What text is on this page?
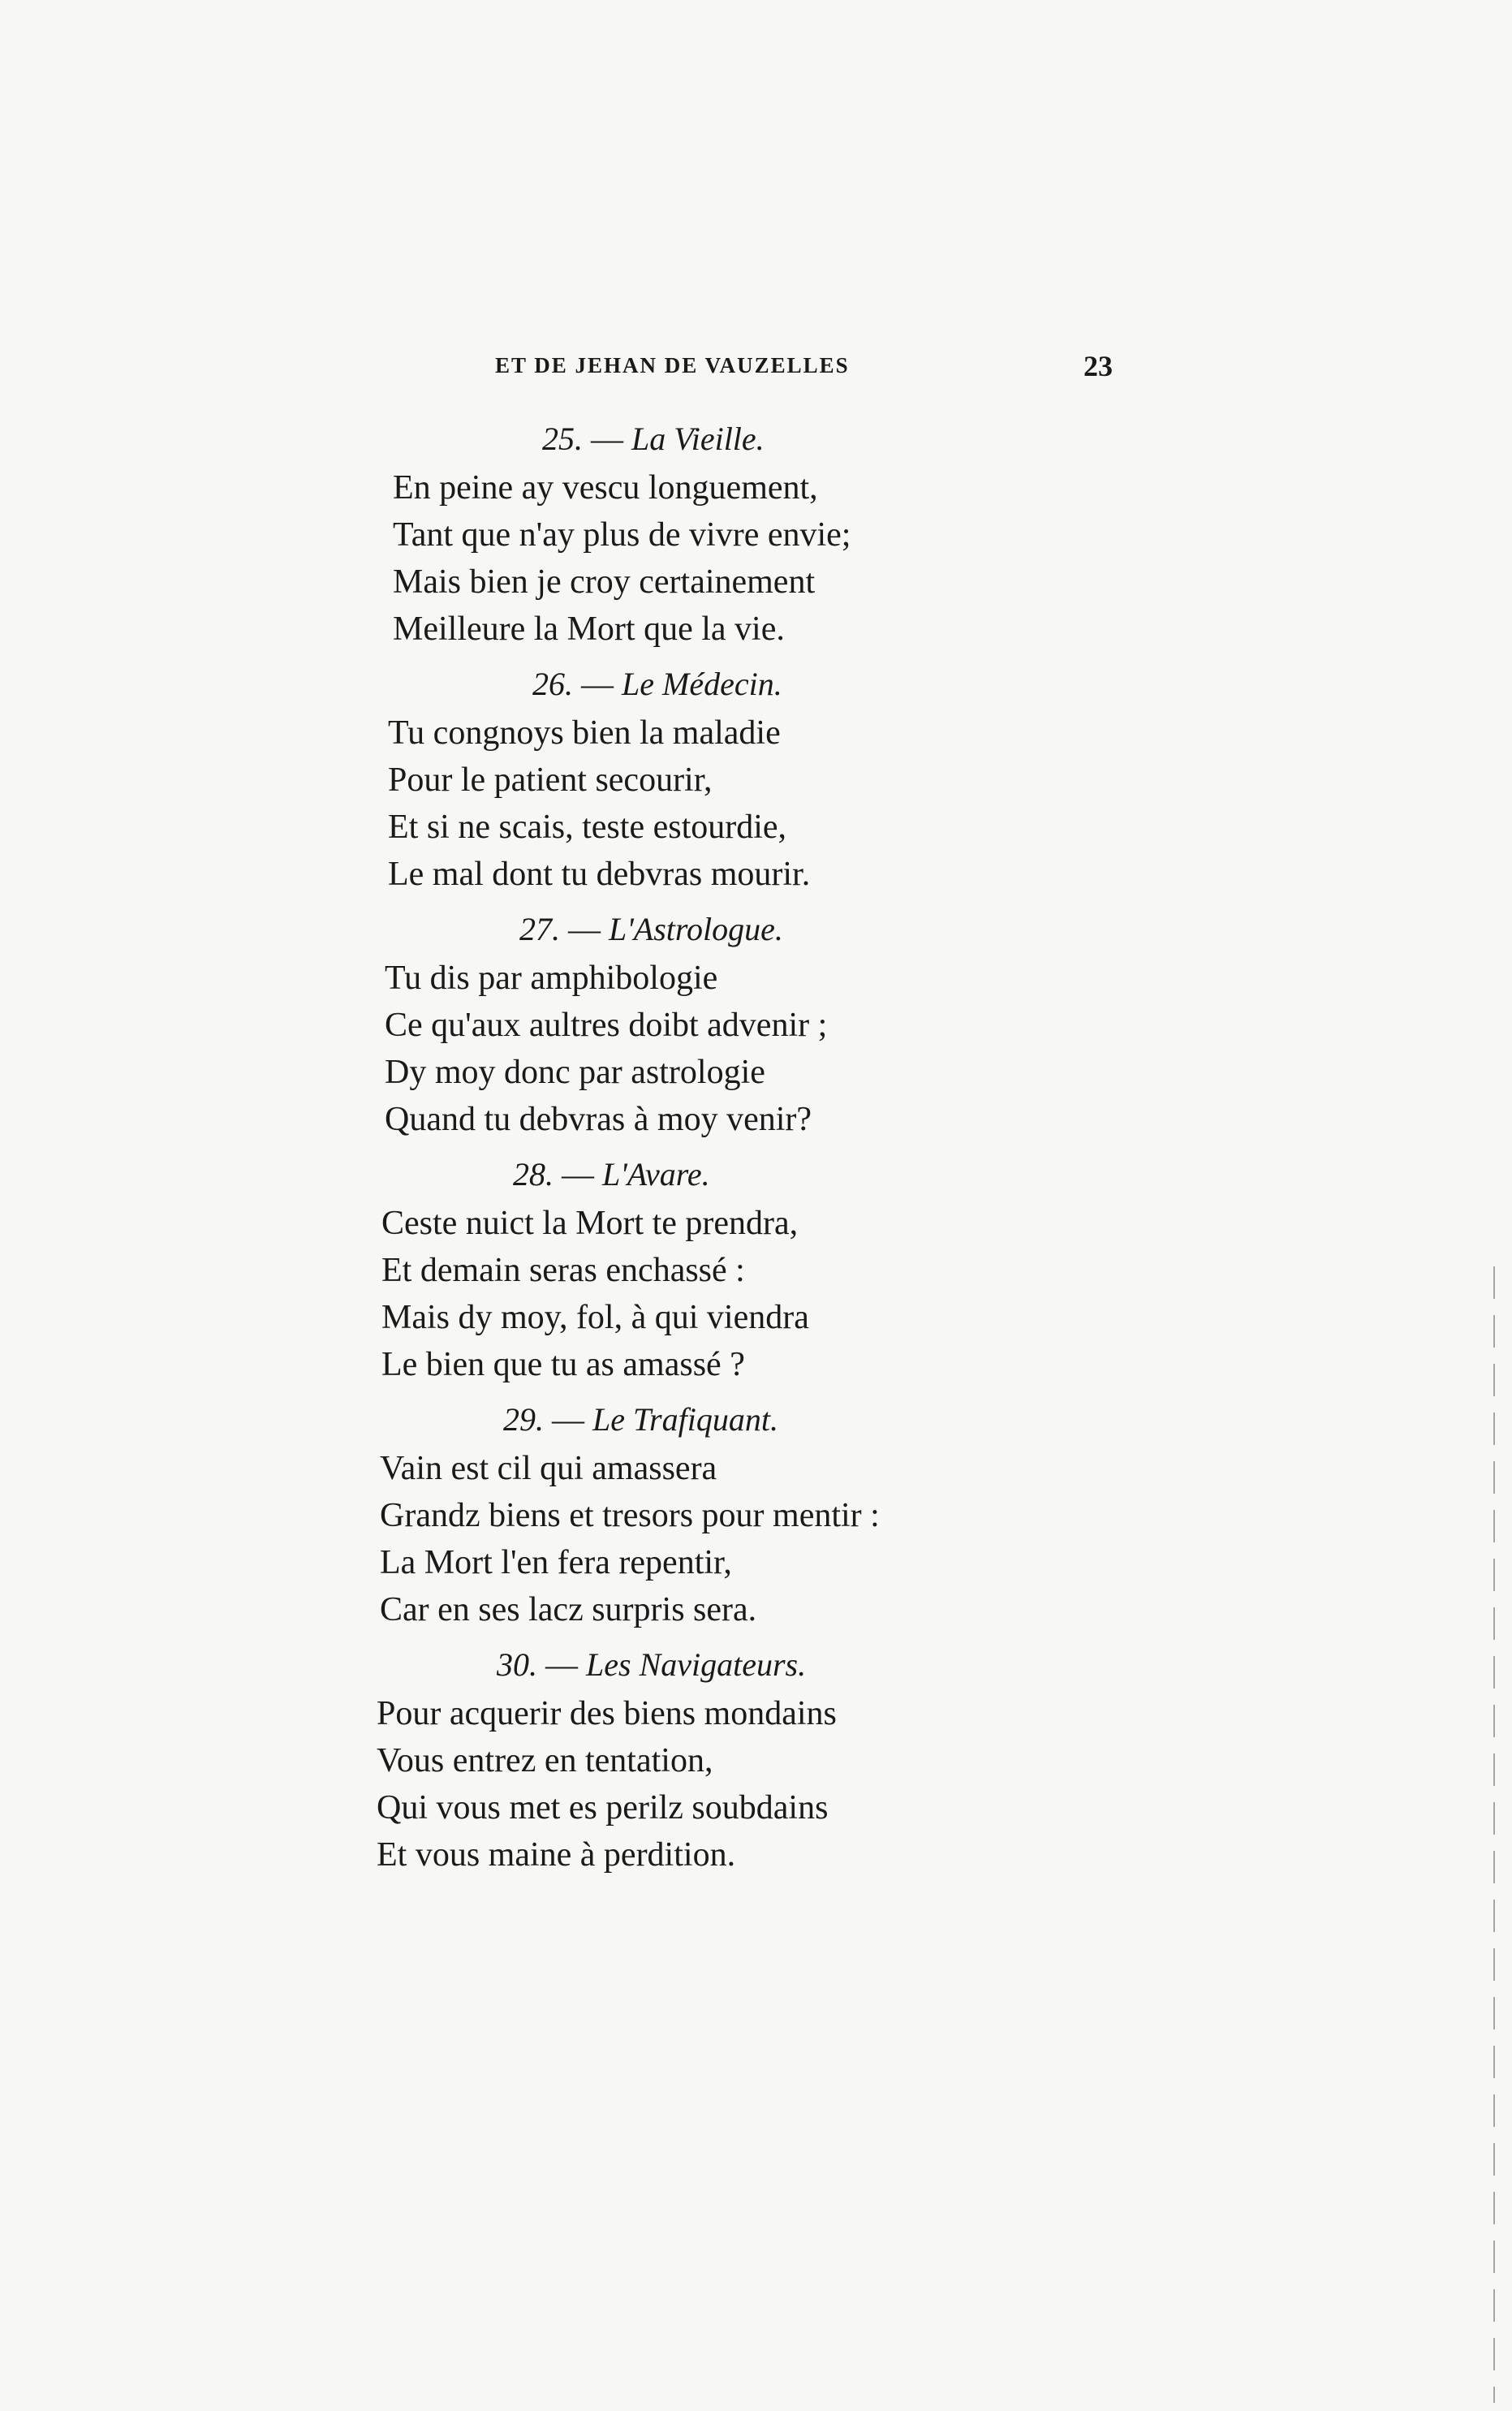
ET DE JEHAN DE VAUZELLES	23
25. — La Vieille.
En peine ay vescu longuement,
Tant que n'ay plus de vivre envie;
Mais bien je croy certainement
Meilleure la Mort que la vie.
26. — Le Médecin.
Tu congnoys bien la maladie
Pour le patient secourir,
Et si ne scais, teste estourdie,
Le mal dont tu debvras mourir.
27. — L'Astrologue.
Tu dis par amphibologie
Ce qu'aux aultres doibt advenir ;
Dy moy donc par astrologie
Quand tu debvras à moy venir?
28. — L'Avare.
Ceste nuict la Mort te prendra,
Et demain seras enchassé :
Mais dy moy, fol, à qui viendra
Le bien que tu as amassé ?
29. — Le Trafiquant.
Vain est cil qui amassera
Grandz biens et tresors pour mentir :
La Mort l'en fera repentir,
Car en ses lacz surpris sera.
30. — Les Navigateurs.
Pour acquerir des biens mondains
Vous entrez en tentation,
Qui vous met es perilz soubdains
Et vous maine à perdition.
